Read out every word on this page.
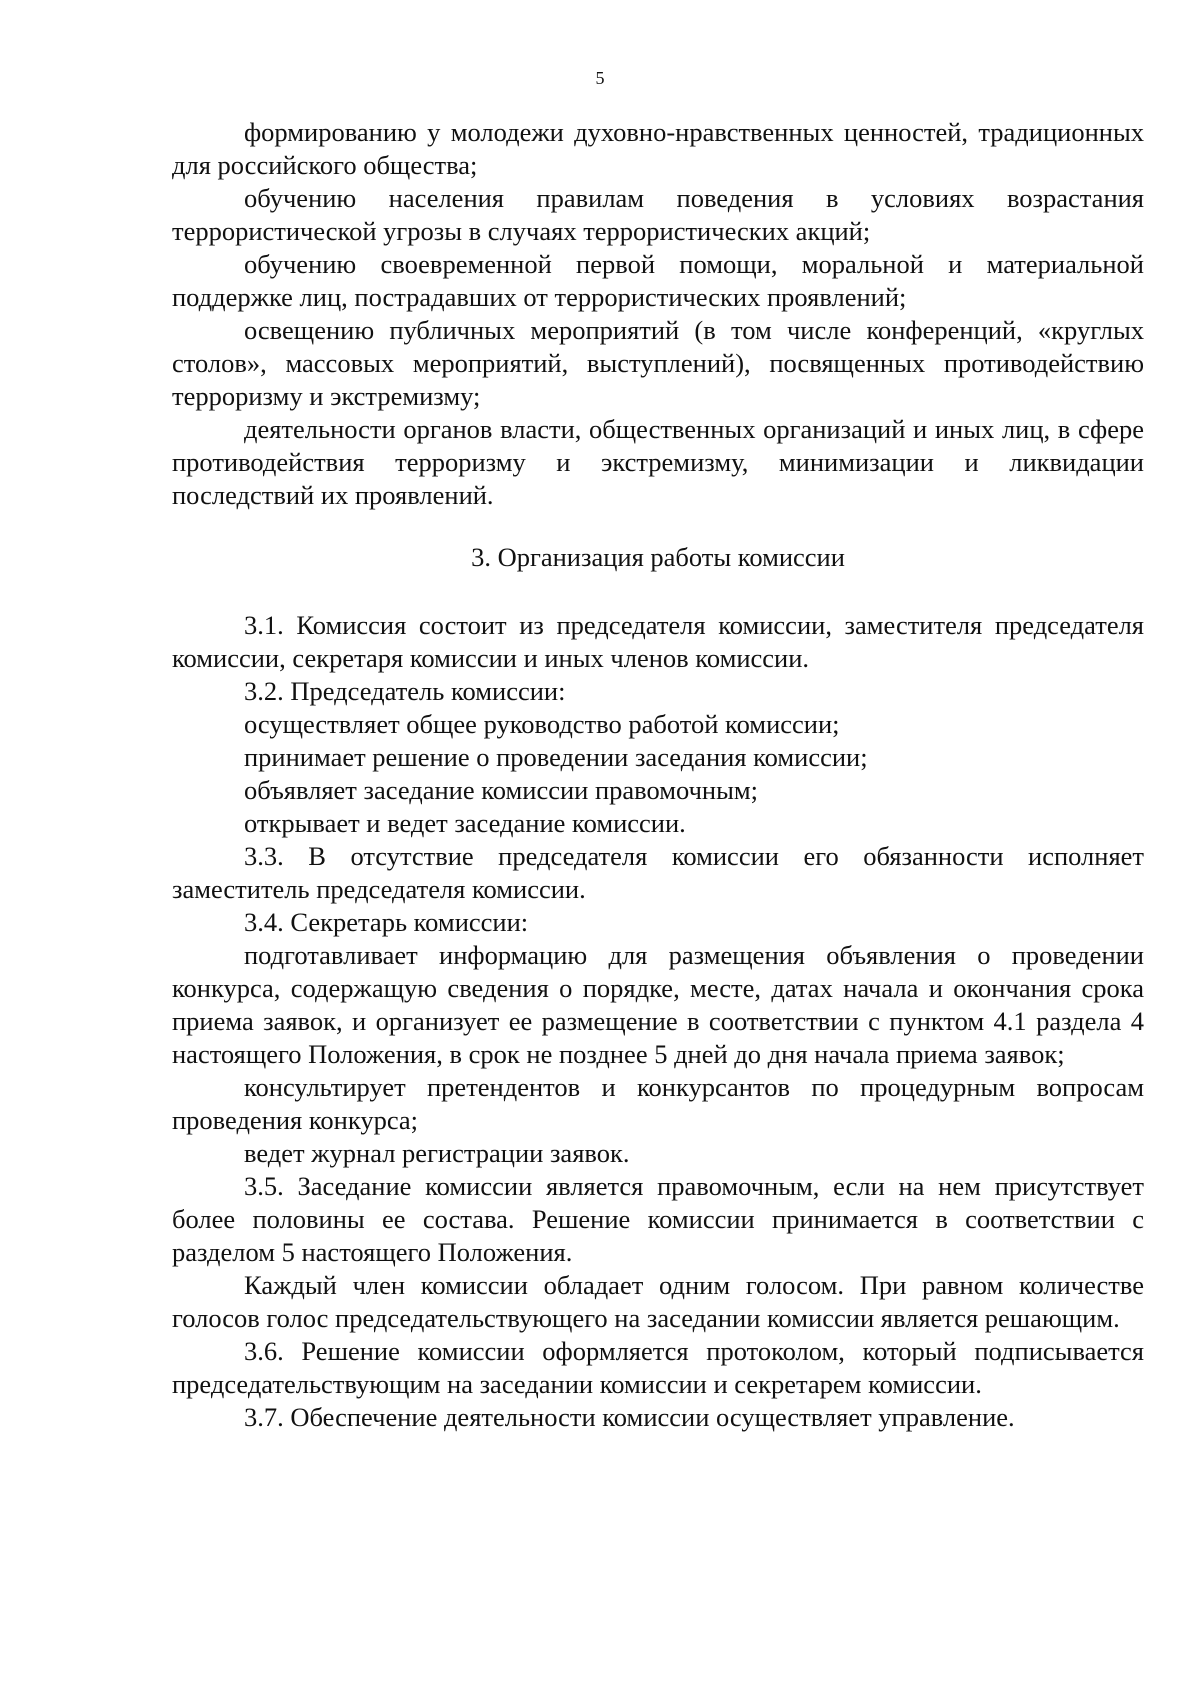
5

формированию у молодежи духовно-нравственных ценностей, традиционных для российского общества;

обучению населения правилам поведения в условиях возрастания террористической угрозы в случаях террористических акций;

обучению своевременной первой помощи, моральной и материальной поддержке лиц, пострадавших от террористических проявлений;

освещению публичных мероприятий (в том числе конференций, «круглых столов», массовых мероприятий, выступлений), посвященных противодействию терроризму и экстремизму;

деятельности органов власти, общественных организаций и иных лиц, в сфере противодействия терроризму и экстремизму, минимизации и ликвидации последствий их проявлений.

3. Организация работы комиссии

3.1. Комиссия состоит из председателя комиссии, заместителя председателя комиссии, секретаря комиссии и иных членов комиссии.

3.2. Председатель комиссии:

осуществляет общее руководство работой комиссии;

принимает решение о проведении заседания комиссии;

объявляет заседание комиссии правомочным;

открывает и ведет заседание комиссии.

3.3. В отсутствие председателя комиссии его обязанности исполняет заместитель председателя комиссии.

3.4. Секретарь комиссии:

подготавливает информацию для размещения объявления о проведении конкурса, содержащую сведения о порядке, месте, датах начала и окончания срока приема заявок, и организует ее размещение в соответствии с пунктом 4.1 раздела 4 настоящего Положения, в срок не позднее 5 дней до дня начала приема заявок;

консультирует претендентов и конкурсантов по процедурным вопросам проведения конкурса;

ведет журнал регистрации заявок.

3.5. Заседание комиссии является правомочным, если на нем присутствует более половины ее состава. Решение комиссии принимается в соответствии с разделом 5 настоящего Положения.

Каждый член комиссии обладает одним голосом. При равном количестве голосов голос председательствующего на заседании комиссии является решающим.

3.6. Решение комиссии оформляется протоколом, который подписывается председательствующим на заседании комиссии и секретарем комиссии.

3.7. Обеспечение деятельности комиссии осуществляет управление.
